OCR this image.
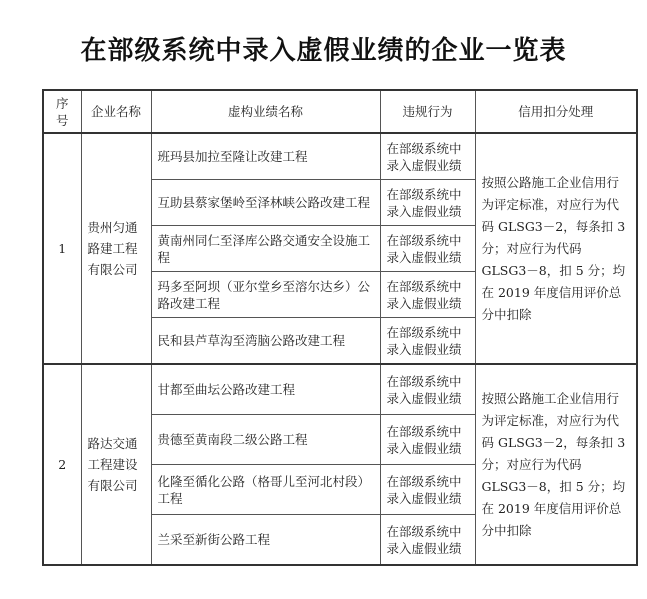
在部级系统中录入虚假业绩的企业一览表
序号	企业名称	虚构业绩名称	违规行为	信用扣分处理
1	贵州匀通路建工程有限公司	班玛县加拉至隆让改建工程	在部级系统中录入虚假业绩	按照公路施工企业信用行为评定标准，对应行为代码 GLSG3－2，每条扣 3 分；对应行为代码 GLSG3－8，扣 5 分；均在 2019 年度信用评价总分中扣除
		互助县蔡家堡岭至泽林峡公路改建工程	在部级系统中录入虚假业绩	
		黄南州同仁至泽库公路交通安全设施工程	在部级系统中录入虚假业绩	
		玛多至阿坝（亚尔堂乡至溶尔达乡）公路改建工程	在部级系统中录入虚假业绩	
		民和县芦草沟至湾脑公路改建工程	在部级系统中录入虚假业绩	
2	路达交通工程建设有限公司	甘都至曲坛公路改建工程	在部级系统中录入虚假业绩	按照公路施工企业信用行为评定标准，对应行为代码 GLSG3－2，每条扣 3 分；对应行为代码 GLSG3－8，扣 5 分；均在 2019 年度信用评价总分中扣除
		贵德至黄南段二级公路工程	在部级系统中录入虚假业绩	
		化隆至循化公路（格哥儿至河北村段）工程	在部级系统中录入虚假业绩	
		兰采至新街公路工程	在部级系统中录入虚假业绩	
